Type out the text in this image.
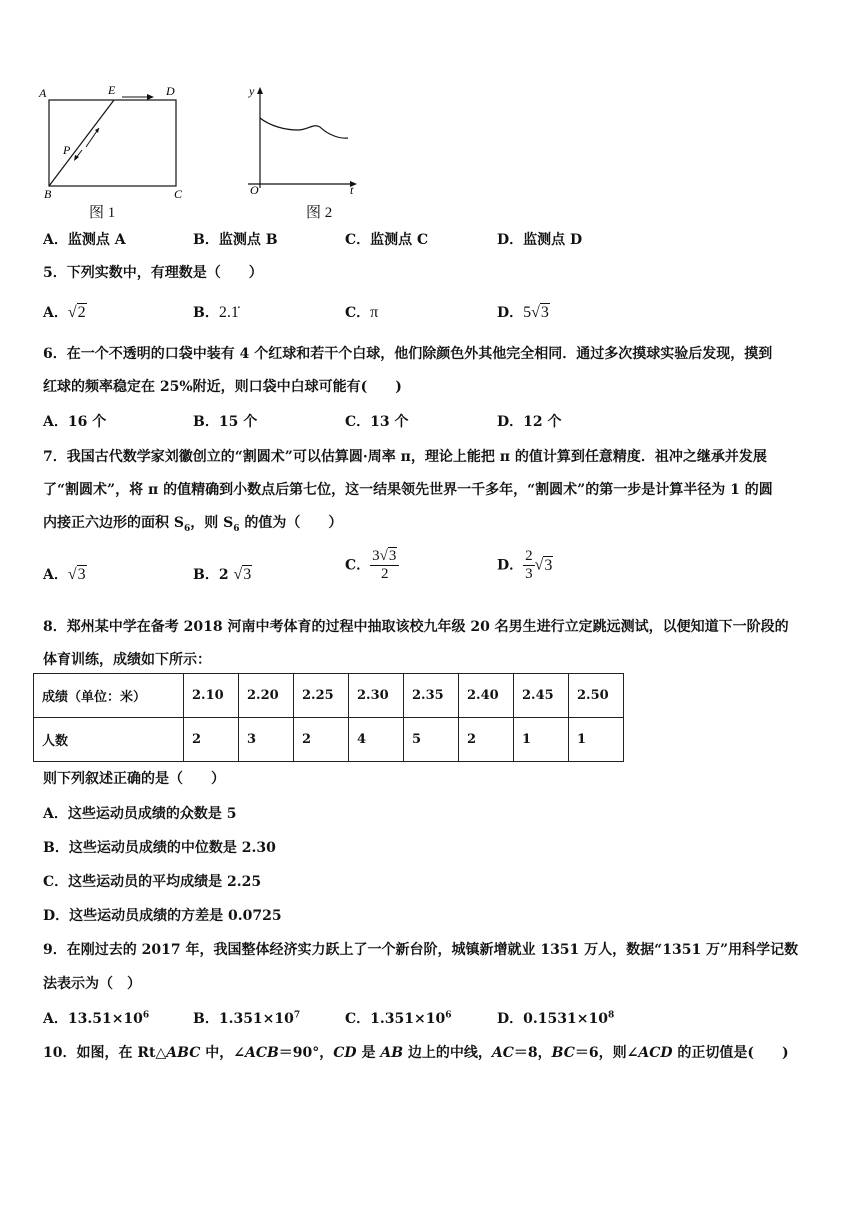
A	E	D
P
B	C
图 1
y
O	t
图 2
A．监测点 A	B．监测点 B	C．监测点 C	D．监测点 D
5．下列实数中，有理数是（　　）
A．√2	B．2.1̇	C．π	D．5√3
6．在一个不透明的口袋中装有 4 个红球和若干个白球，他们除颜色外其他完全相同．通过多次摸球实验后发现，摸到
红球的频率稳定在 25%附近，则口袋中白球可能有(　　)
A．16 个	B．15 个	C．13 个	D．12 个
7．我国古代数学家刘徽创立的“割圆术”可以估算圆·周率 π，理论上能把 π 的值计算到任意精度．祖冲之继承并发展
了“割圆术”，将 π 的值精确到小数点后第七位，这一结果领先世界一千多年，“割圆术”的第一步是计算半径为 1 的圆
内接正六边形的面积 $S_6$，则 $S_6$ 的值为（　　）
A．√3	B．2 √3
C． $\frac{3√3}{2}$	D． $\frac{2}{3} √3$
8．郑州某中学在备考 2018 河南中考体育的过程中抽取该校九年级 20 名男生进行立定跳远测试，以便知道下一阶段的
体育训练，成绩如下所示：
成绩（单位：米）	2.10	2.20	2.25	2.30	2.35	2.40	2.45	2.50
人数	2	3	2	4	5	2	1	1
则下列叙述正确的是（　　）
A．这些运动员成绩的众数是 5
B．这些运动员成绩的中位数是 2.30
C．这些运动员的平均成绩是 2.25
D．这些运动员成绩的方差是 0.0725
9．在刚过去的 2017 年，我国整体经济实力跃上了一个新台阶，城镇新增就业 1351 万人，数据“1351 万”用科学记数
法表示为（　）
A．$13.51\times 10^6$	B．$1.351\times 10^7$	C．$1.351\times 10^6$	D．$0.1531\times 10^8$
10．如图，在 Rt△ABC 中，∠ACB＝90°，CD 是 AB 边上的中线，AC＝8，BC＝6，则∠ACD 的正切值是(　　)
